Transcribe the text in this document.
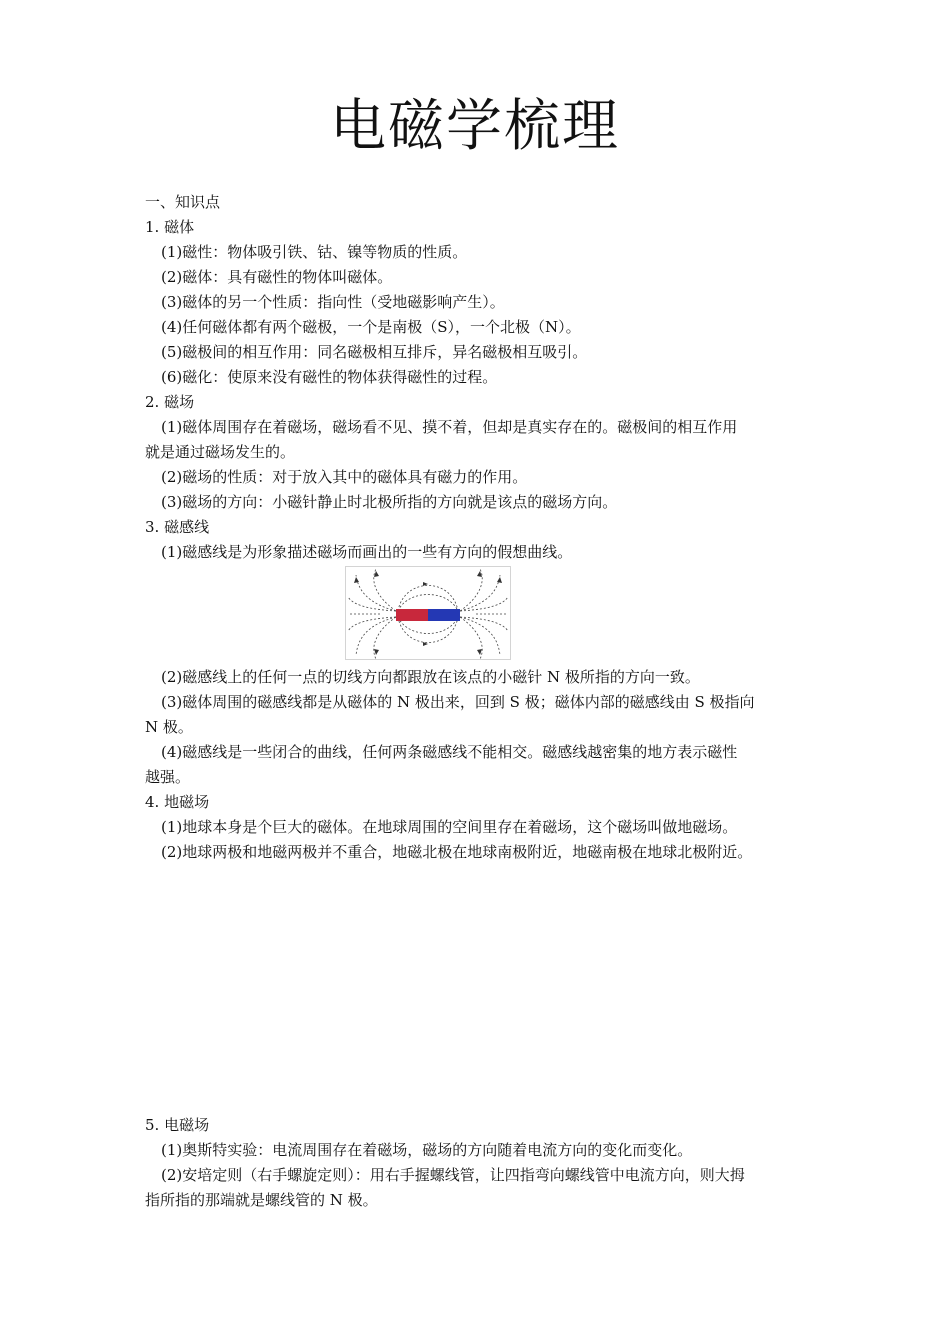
电磁学梳理
一、知识点
1. 磁体
(1)磁性：物体吸引铁、钴、镍等物质的性质。
(2)磁体：具有磁性的物体叫磁体。
(3)磁体的另一个性质：指向性（受地磁影响产生）。
(4)任何磁体都有两个磁极，一个是南极（S），一个北极（N）。
(5)磁极间的相互作用：同名磁极相互排斥，异名磁极相互吸引。
(6)磁化：使原来没有磁性的物体获得磁性的过程。
2. 磁场
(1)磁体周围存在着磁场，磁场看不见、摸不着，但却是真实存在的。磁极间的相互作用
就是通过磁场发生的。
(2)磁场的性质：对于放入其中的磁体具有磁力的作用。
(3)磁场的方向：小磁针静止时北极所指的方向就是该点的磁场方向。
3. 磁感线
(1)磁感线是为形象描述磁场而画出的一些有方向的假想曲线。
(2)磁感线上的任何一点的切线方向都跟放在该点的小磁针 N 极所指的方向一致。
(3)磁体周围的磁感线都是从磁体的 N 极出来，回到 S 极；磁体内部的磁感线由 S 极指向
N 极。
(4)磁感线是一些闭合的曲线，任何两条磁感线不能相交。磁感线越密集的地方表示磁性
越强。
4. 地磁场
(1)地球本身是个巨大的磁体。在地球周围的空间里存在着磁场，这个磁场叫做地磁场。
(2)地球两极和地磁两极并不重合，地磁北极在地球南极附近，地磁南极在地球北极附近。
5. 电磁场
(1)奥斯特实验：电流周围存在着磁场，磁场的方向随着电流方向的变化而变化。
(2)安培定则（右手螺旋定则）：用右手握螺线管，让四指弯向螺线管中电流方向，则大拇
指所指的那端就是螺线管的 N 极。
